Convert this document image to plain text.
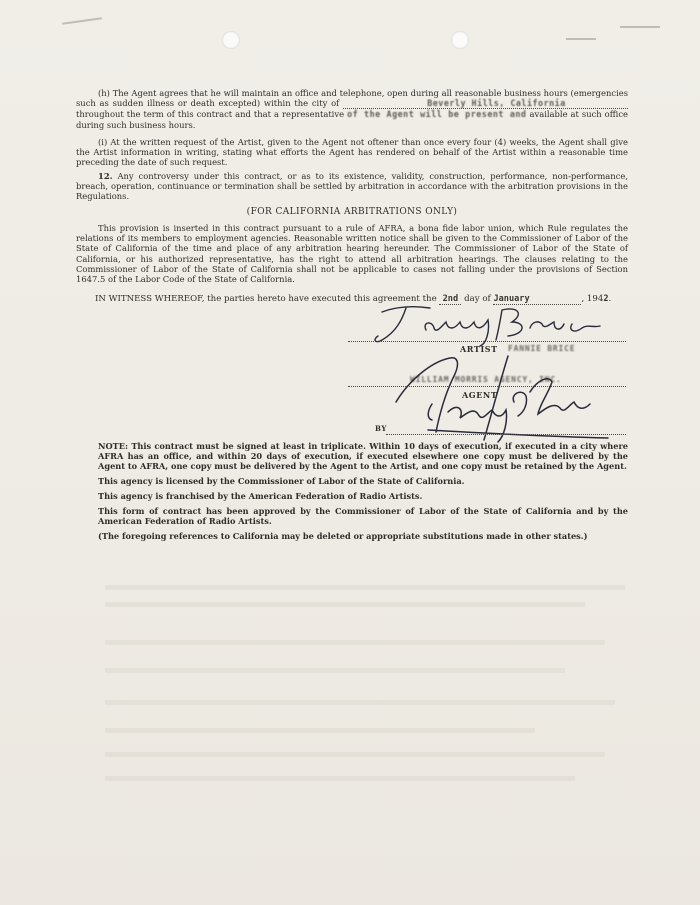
(h) The Agent agrees that he will maintain an office and telephone, open during all reasonable business hours (emergencies such as sudden illness or death excepted) within the city of	Beverly Hills, California throughout the term of this contract and that a representative of the Agent will be present and available at such office during such business hours.

(i) At the written request of the Artist, given to the Agent not oftener than once every four (4) weeks, the Agent shall give the Artist information in writing, stating what efforts the Agent has rendered on behalf of the Artist within a reasonable time preceding the date of such request.

12. Any controversy under this contract, or as to its existence, validity, construction, performance, non-performance, breach, operation, continuance or termination shall be settled by arbitration in accordance with the arbitration provisions in the Regulations.

(FOR CALIFORNIA ARBITRATIONS ONLY)

This provision is inserted in this contract pursuant to a rule of AFRA, a bona fide labor union, which Rule regulates the relations of its members to employment agencies. Reasonable written notice shall be given to the Commissioner of Labor of the State of California of the time and place of any arbitration hearing hereunder. The Commissioner of Labor of the State of California, or his authorized representative, has the right to attend all arbitration hearings. The clauses relating to the Commissioner of Labor of the State of California shall not be applicable to cases not falling under the provisions of Section 1647.5 of the Labor Code of the State of California.

IN WITNESS WHEREOF, the parties hereto have executed this agreement the 2nd day of January	, 1942.
ARTIST FANNIE BRICE
WILLIAM MORRIS AGENCY, INC.
AGENT
BY

NOTE: This contract must be signed at least in triplicate. Within 10 days of execution, if executed in a city where AFRA has an office, and within 20 days of execution, if executed elsewhere one copy must be delivered by the Agent to AFRA, one copy must be delivered by the Agent to the Artist, and one copy must be retained by the Agent.

This agency is licensed by the Commissioner of Labor of the State of California.

This agency is franchised by the American Federation of Radio Artists.

This form of contract has been approved by the Commissioner of Labor of the State of California and by the American Federation of Radio Artists.

(The foregoing references to California may be deleted or appropriate substitutions made in other states.)
